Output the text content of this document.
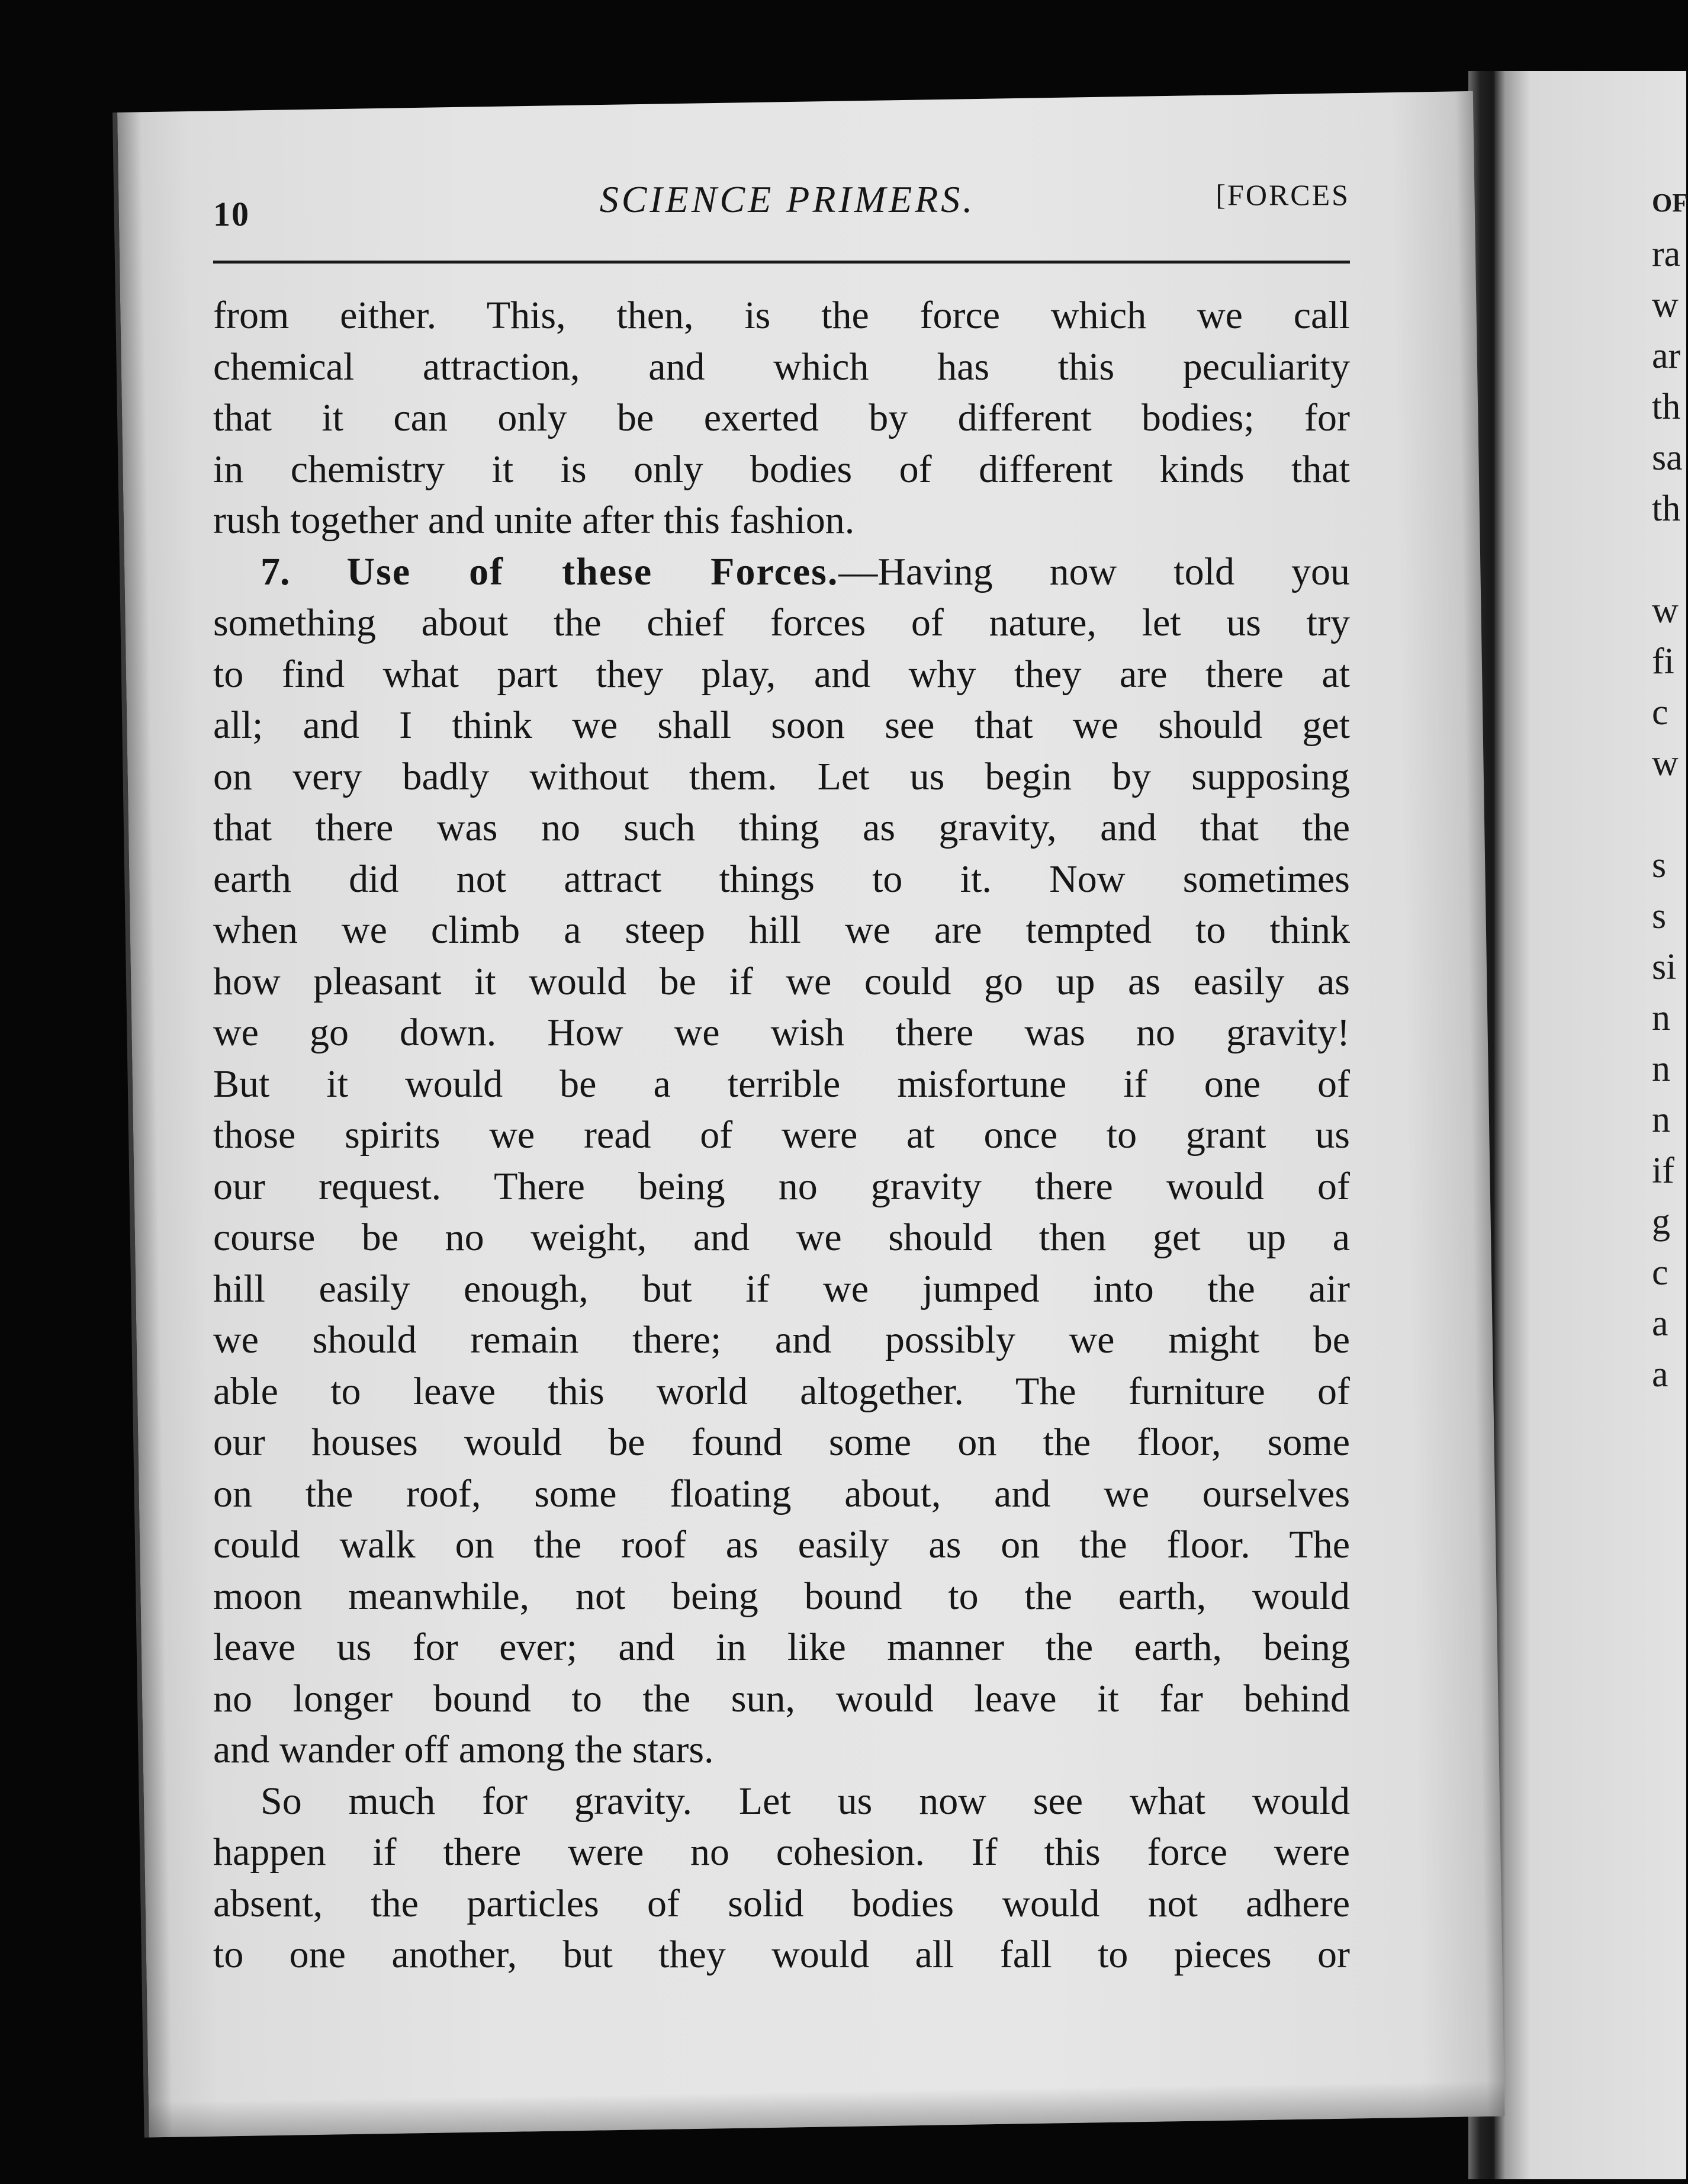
OF
ra
w
ar
th
sa
th
w
fi
c
w
s
s
si
n
n
n
if
g
c
a
a
10	SCIENCE PRIMERS.	[FORCES
from either. This, then, is the force which we call
chemical attraction, and which has this peculiarity
that it can only be exerted by different bodies; for
in chemistry it is only bodies of different kinds that
rush together and unite after this fashion.
7. Use of these Forces.—Having now told you
something about the chief forces of nature, let us try
to find what part they play, and why they are there at
all; and I think we shall soon see that we should get
on very badly without them. Let us begin by supposing
that there was no such thing as gravity, and that the
earth did not attract things to it. Now sometimes
when we climb a steep hill we are tempted to think
how pleasant it would be if we could go up as easily as
we go down. How we wish there was no gravity!
But it would be a terrible misfortune if one of
those spirits we read of were at once to grant us
our request. There being no gravity there would of
course be no weight, and we should then get up a
hill easily enough, but if we jumped into the air
we should remain there; and possibly we might be
able to leave this world altogether. The furniture of
our houses would be found some on the floor, some
on the roof, some floating about, and we ourselves
could walk on the roof as easily as on the floor. The
moon meanwhile, not being bound to the earth, would
leave us for ever; and in like manner the earth, being
no longer bound to the sun, would leave it far behind
and wander off among the stars.
So much for gravity. Let us now see what would
happen if there were no cohesion. If this force were
absent, the particles of solid bodies would not adhere
to one another, but they would all fall to pieces or
